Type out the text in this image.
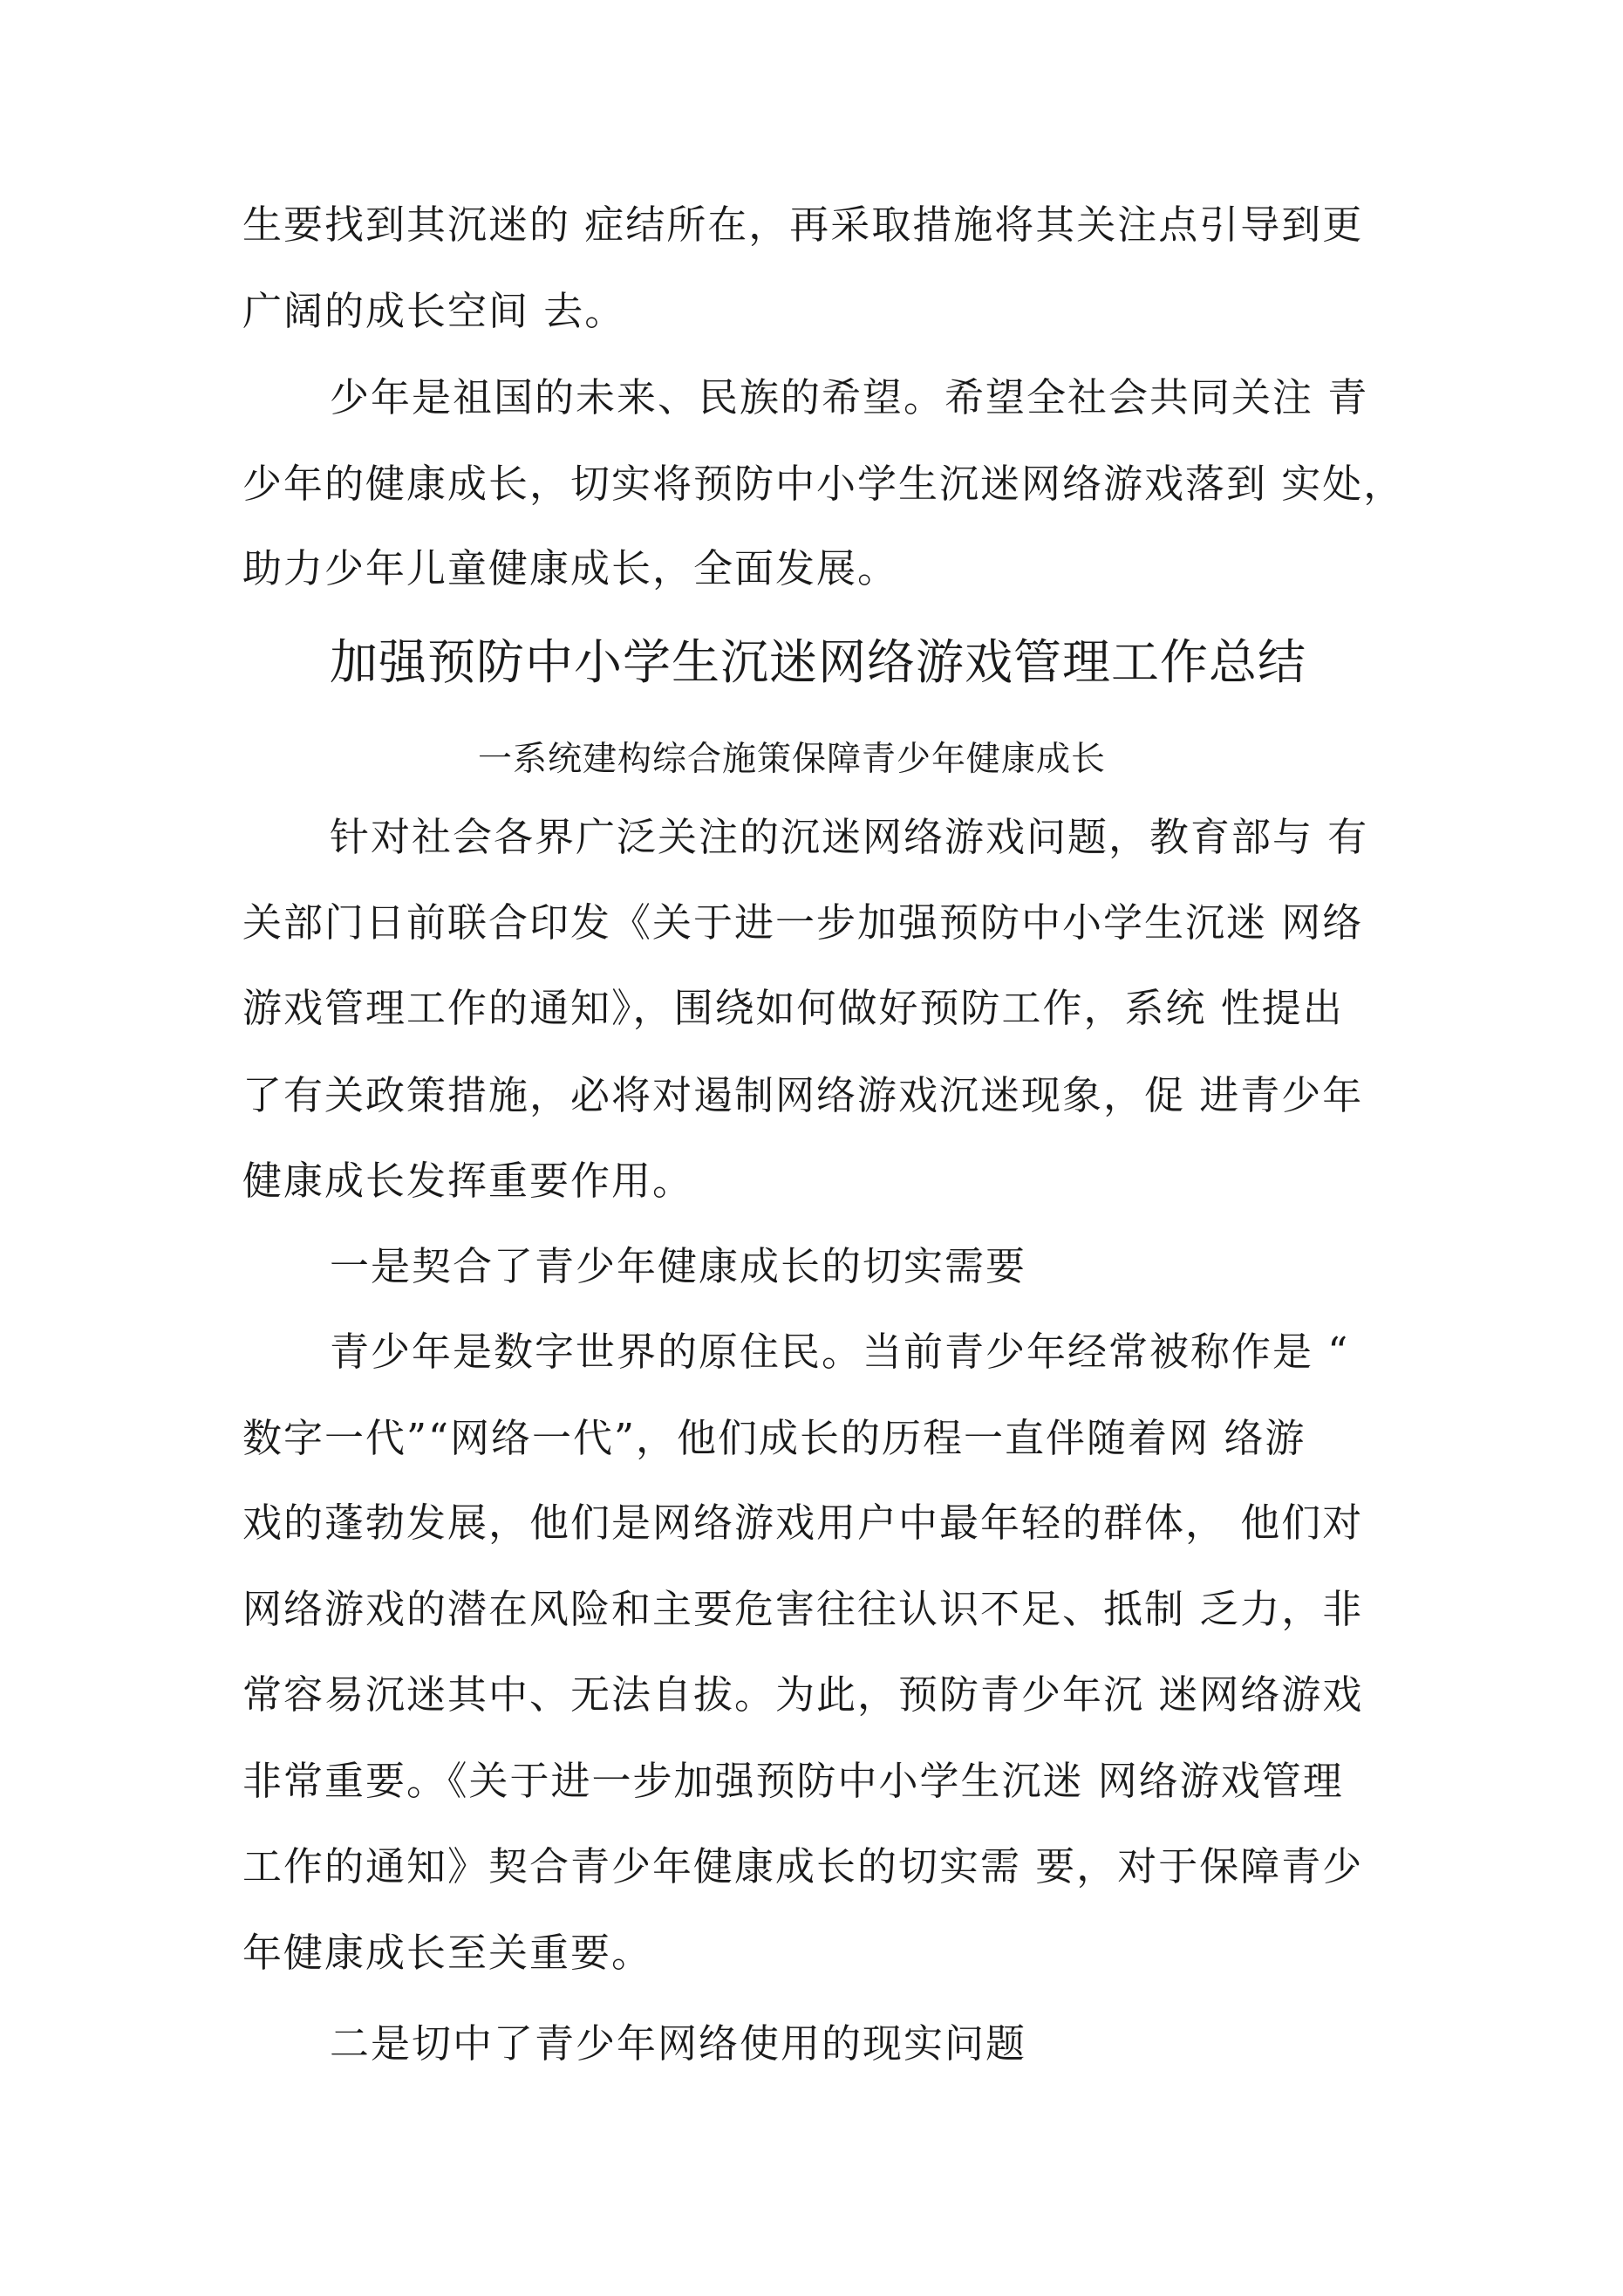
生要找到其沉迷的 症结所在，再采取措施将其关注点引导到更
广阔的成长空间 去。
少年是祖国的未来、民族的希望。希望全社会共同关注 青
少年的健康成长，切实将预防中小学生沉迷网络游戏落到 实处，
助力少年儿童健康成长，全面发展。
加强预防中小学生沉迷网络游戏管理工作总结
一系统建构综合施策保障青少年健康成长
针对社会各界广泛关注的沉迷网络游戏问题，教育部与 有
关部门日前联合印发《关于进一步加强预防中小学生沉迷 网络
游戏管理工作的通知》，围绕如何做好预防工作，系统 性提出
了有关政策措施，必将对遏制网络游戏沉迷现象，促 进青少年
健康成长发挥重要作用。
一是契合了青少年健康成长的切实需要
青少年是数字世界的原住民。当前青少年经常被称作是 “
数字一代”“网络一代”，他们成长的历程一直伴随着网 络游
戏的蓬勃发展，他们是网络游戏用户中最年轻的群体， 他们对
网络游戏的潜在风险和主要危害往往认识不足、抵制 乏力，非
常容易沉迷其中、无法自拔。为此，预防青少年沉 迷网络游戏
非常重要。《关于进一步加强预防中小学生沉迷 网络游戏管理
工作的通知》契合青少年健康成长的切实需 要，对于保障青少
年健康成长至关重要。
二是切中了青少年网络使用的现实问题
